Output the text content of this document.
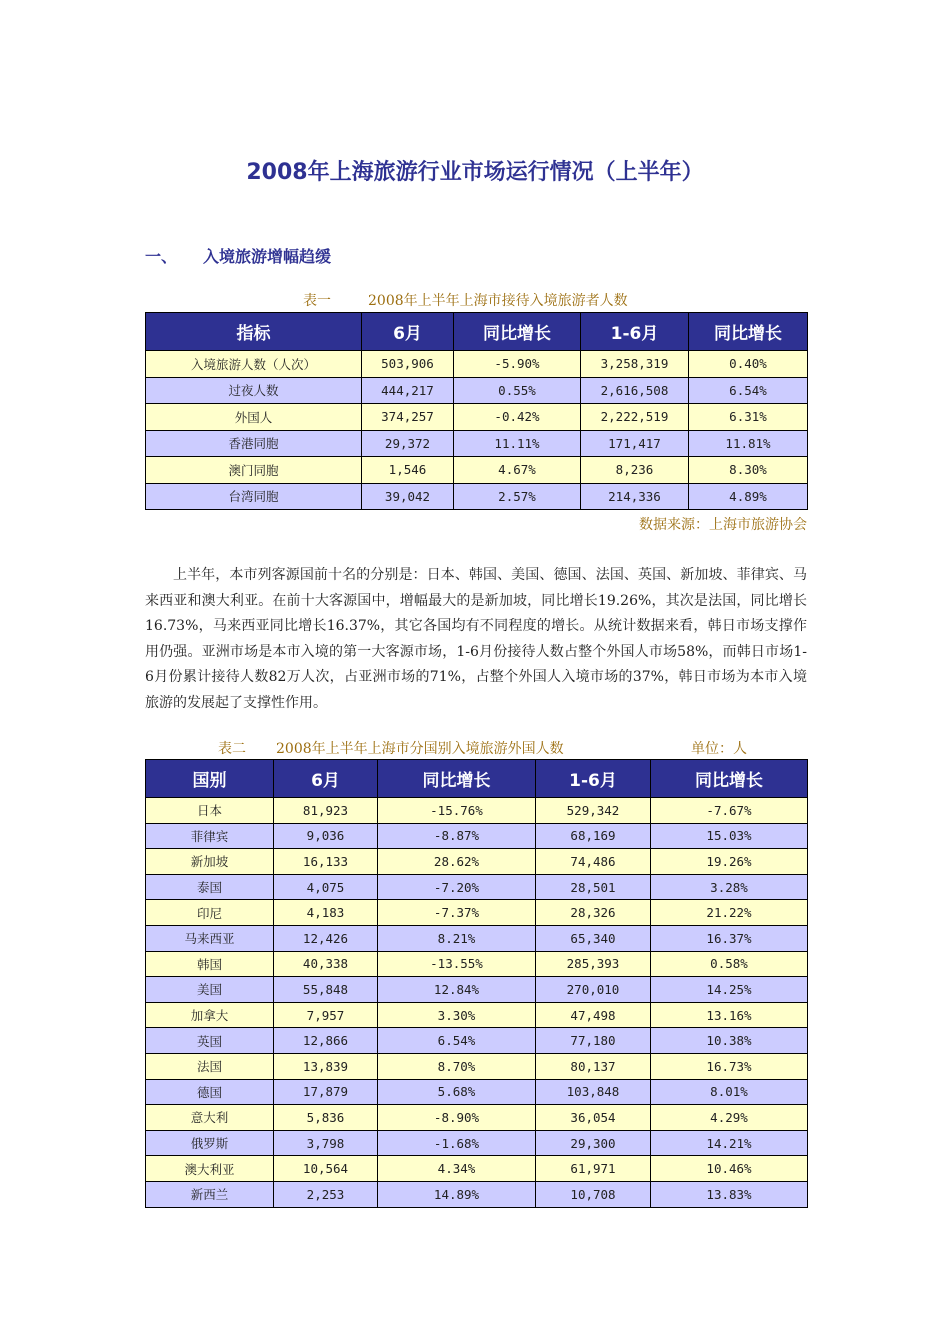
2008年上海旅游行业市场运行情况（上半年）
一、 入境旅游增幅趋缓
表一	2008年上半年上海市接待入境旅游者人数
指标	6月	同比增长	1-6月	同比增长
入境旅游人数（人次）	503,906	-5.90%	3,258,319	0.40%
过夜人数	444,217	0.55%	2,616,508	6.54%
外国人	374,257	-0.42%	2,222,519	6.31%
香港同胞	29,372	11.11%	171,417	11.81%
澳门同胞	1,546	4.67%	8,236	8.30%
台湾同胞	39,042	2.57%	214,336	4.89%
数据来源：上海市旅游协会

上半年，本市列客源国前十名的分别是：日本、韩国、美国、德国、法国、英国、新加坡、菲律宾、马来西亚和澳大利亚。在前十大客源国中，增幅最大的是新加坡，同比增长19.26%，其次是法国，同比增长16.73%，马来西亚同比增长16.37%，其它各国均有不同程度的增长。从统计数据来看，韩日市场支撑作用仍强。亚洲市场是本市入境的第一大客源市场，1-6月份接待人数占整个外国人市场58%，而韩日市场1-6月份累计接待人数82万人次，占亚洲市场的71%，占整个外国人入境市场的37%，韩日市场为本市入境旅游的发展起了支撑性作用。

表二 2008年上半年上海市分国别入境旅游外国人数	单位：人
国别	6月	同比增长	1-6月	同比增长
日本	81,923	-15.76%	529,342	-7.67%
菲律宾	9,036	-8.87%	68,169	15.03%
新加坡	16,133	28.62%	74,486	19.26%
泰国	4,075	-7.20%	28,501	3.28%
印尼	4,183	-7.37%	28,326	21.22%
马来西亚	12,426	8.21%	65,340	16.37%
韩国	40,338	-13.55%	285,393	0.58%
美国	55,848	12.84%	270,010	14.25%
加拿大	7,957	3.30%	47,498	13.16%
英国	12,866	6.54%	77,180	10.38%
法国	13,839	8.70%	80,137	16.73%
德国	17,879	5.68%	103,848	8.01%
意大利	5,836	-8.90%	36,054	4.29%
俄罗斯	3,798	-1.68%	29,300	14.21%
澳大利亚	10,564	4.34%	61,971	10.46%
新西兰	2,253	14.89%	10,708	13.83%
